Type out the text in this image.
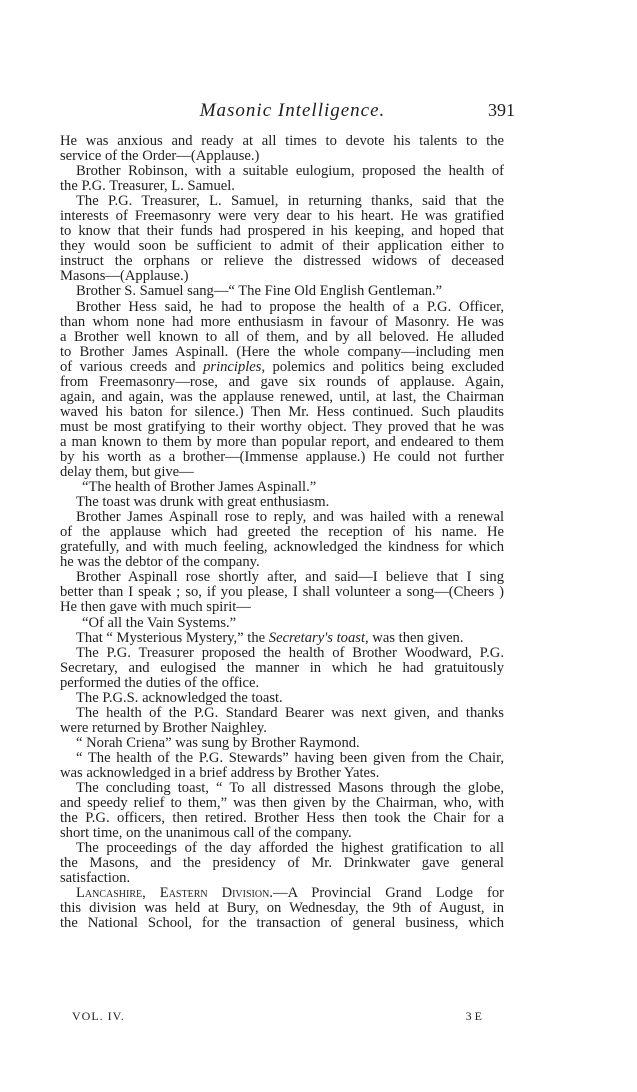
Masonic Intelligence.	391
He was anxious and ready at all times to devote his talents to the
service of the Order—(Applause.)
Brother Robinson, with a suitable eulogium, proposed the health of
the P.G. Treasurer, L. Samuel.
The P.G. Treasurer, L. Samuel, in returning thanks, said that the
interests of Freemasonry were very dear to his heart. He was gratified
to know that their funds had prospered in his keeping, and hoped that
they would soon be sufficient to admit of their application either to
instruct the orphans or relieve the distressed widows of deceased
Masons—(Applause.)
Brother S. Samuel sang—“ The Fine Old English Gentleman.”
Brother Hess said, he had to propose the health of a P.G. Officer,
than whom none had more enthusiasm in favour of Masonry. He was
a Brother well known to all of them, and by all beloved. He alluded
to Brother James Aspinall. (Here the whole company—including men
of various creeds and principles, polemics and politics being excluded
from Freemasonry—rose, and gave six rounds of applause. Again,
again, and again, was the applause renewed, until, at last, the Chairman
waved his baton for silence.) Then Mr. Hess continued. Such plaudits
must be most gratifying to their worthy object. They proved that he was
a man known to them by more than popular report, and endeared to them
by his worth as a brother—(Immense applause.) He could not further
delay them, but give—
“The health of Brother James Aspinall.”
The toast was drunk with great enthusiasm.
Brother James Aspinall rose to reply, and was hailed with a renewal
of the applause which had greeted the reception of his name. He
gratefully, and with much feeling, acknowledged the kindness for which
he was the debtor of the company.
Brother Aspinall rose shortly after, and said—I believe that I sing
better than I speak ; so, if you please, I shall volunteer a song—(Cheers )
He then gave with much spirit—
“Of all the Vain Systems.”
That “ Mysterious Mystery,” the Secretary's toast, was then given.
The P.G. Treasurer proposed the health of Brother Woodward, P.G.
Secretary, and eulogised the manner in which he had gratuitously
performed the duties of the office.
The P.G.S. acknowledged the toast.
The health of the P.G. Standard Bearer was next given, and thanks
were returned by Brother Naighley.
“ Norah Criena” was sung by Brother Raymond.
“ The health of the P.G. Stewards” having been given from the Chair,
was acknowledged in a brief address by Brother Yates.
The concluding toast, “ To all distressed Masons through the globe,
and speedy relief to them,” was then given by the Chairman, who, with
the P.G. officers, then retired. Brother Hess then took the Chair for a
short time, on the unanimous call of the company.
The proceedings of the day afforded the highest gratification to all
the Masons, and the presidency of Mr. Drinkwater gave general
satisfaction.
Lancashire, Eastern Division.—A Provincial Grand Lodge for
this division was held at Bury, on Wednesday, the 9th of August, in
the National School, for the transaction of general business, which
VOL. IV.	3 E
